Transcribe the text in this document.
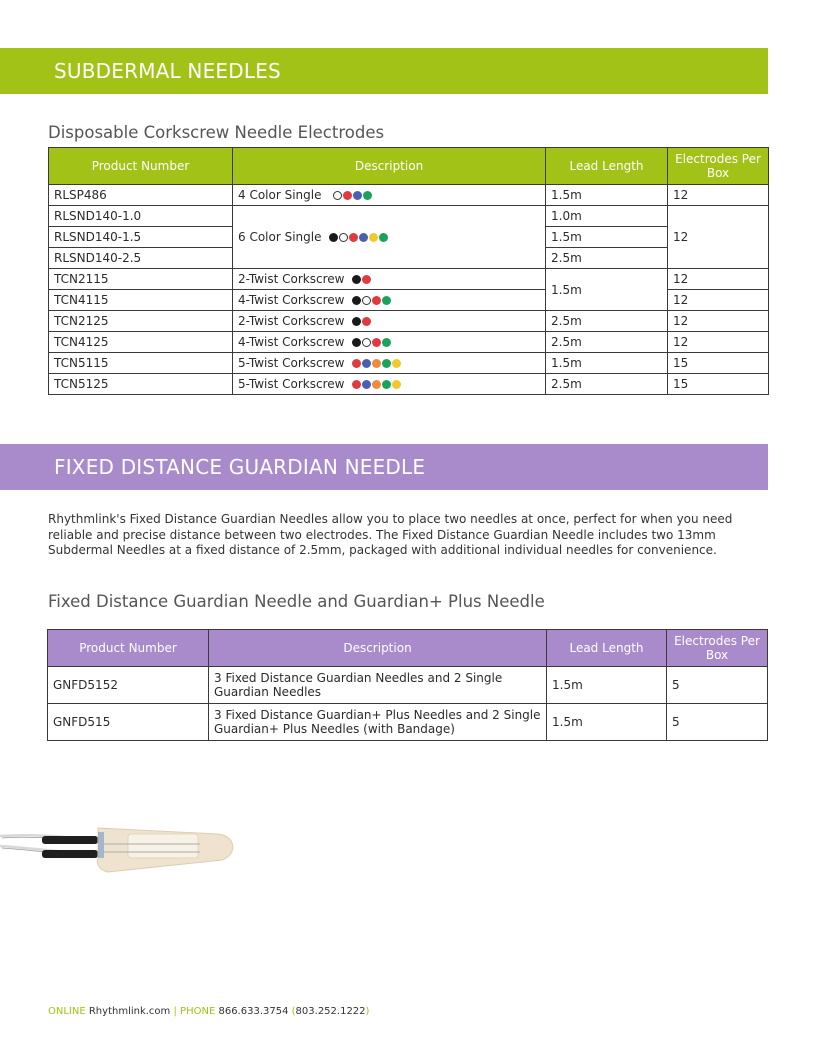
SUBDERMAL NEEDLES
Disposable Corkscrew Needle Electrodes
Product Number	Description	Lead Length	Electrodes Per Box
RLSP486	4 Color Single	1.5m	12
RLSND140-1.0	6 Color Single	1.0m	12
RLSND140-1.5		1.5m	
RLSND140-2.5		2.5m	
TCN2115	2-Twist Corkscrew	1.5m	12
TCN4115	4-Twist Corkscrew		12
TCN2125	2-Twist Corkscrew	2.5m	12
TCN4125	4-Twist Corkscrew	2.5m	12
TCN5115	5-Twist Corkscrew	1.5m	15
TCN5125	5-Twist Corkscrew	2.5m	15
FIXED DISTANCE GUARDIAN NEEDLE
Rhythmlink's Fixed Distance Guardian Needles allow you to place two needles at once, perfect for when you need reliable and precise distance between two electrodes. The Fixed Distance Guardian Needle includes two 13mm Subdermal Needles at a fixed distance of 2.5mm, packaged with additional individual needles for convenience.
Fixed Distance Guardian Needle and Guardian+ Plus Needle
Product Number	Description	Lead Length	Electrodes Per Box
GNFD5152	3 Fixed Distance Guardian Needles and 2 Single Guardian Needles	1.5m	5
GNFD515	3 Fixed Distance Guardian+ Plus Needles and 2 Single Guardian+ Plus Needles (with Bandage)	1.5m	5
ONLINE Rhythmlink.com | PHONE 866.633.3754 (803.252.1222)
